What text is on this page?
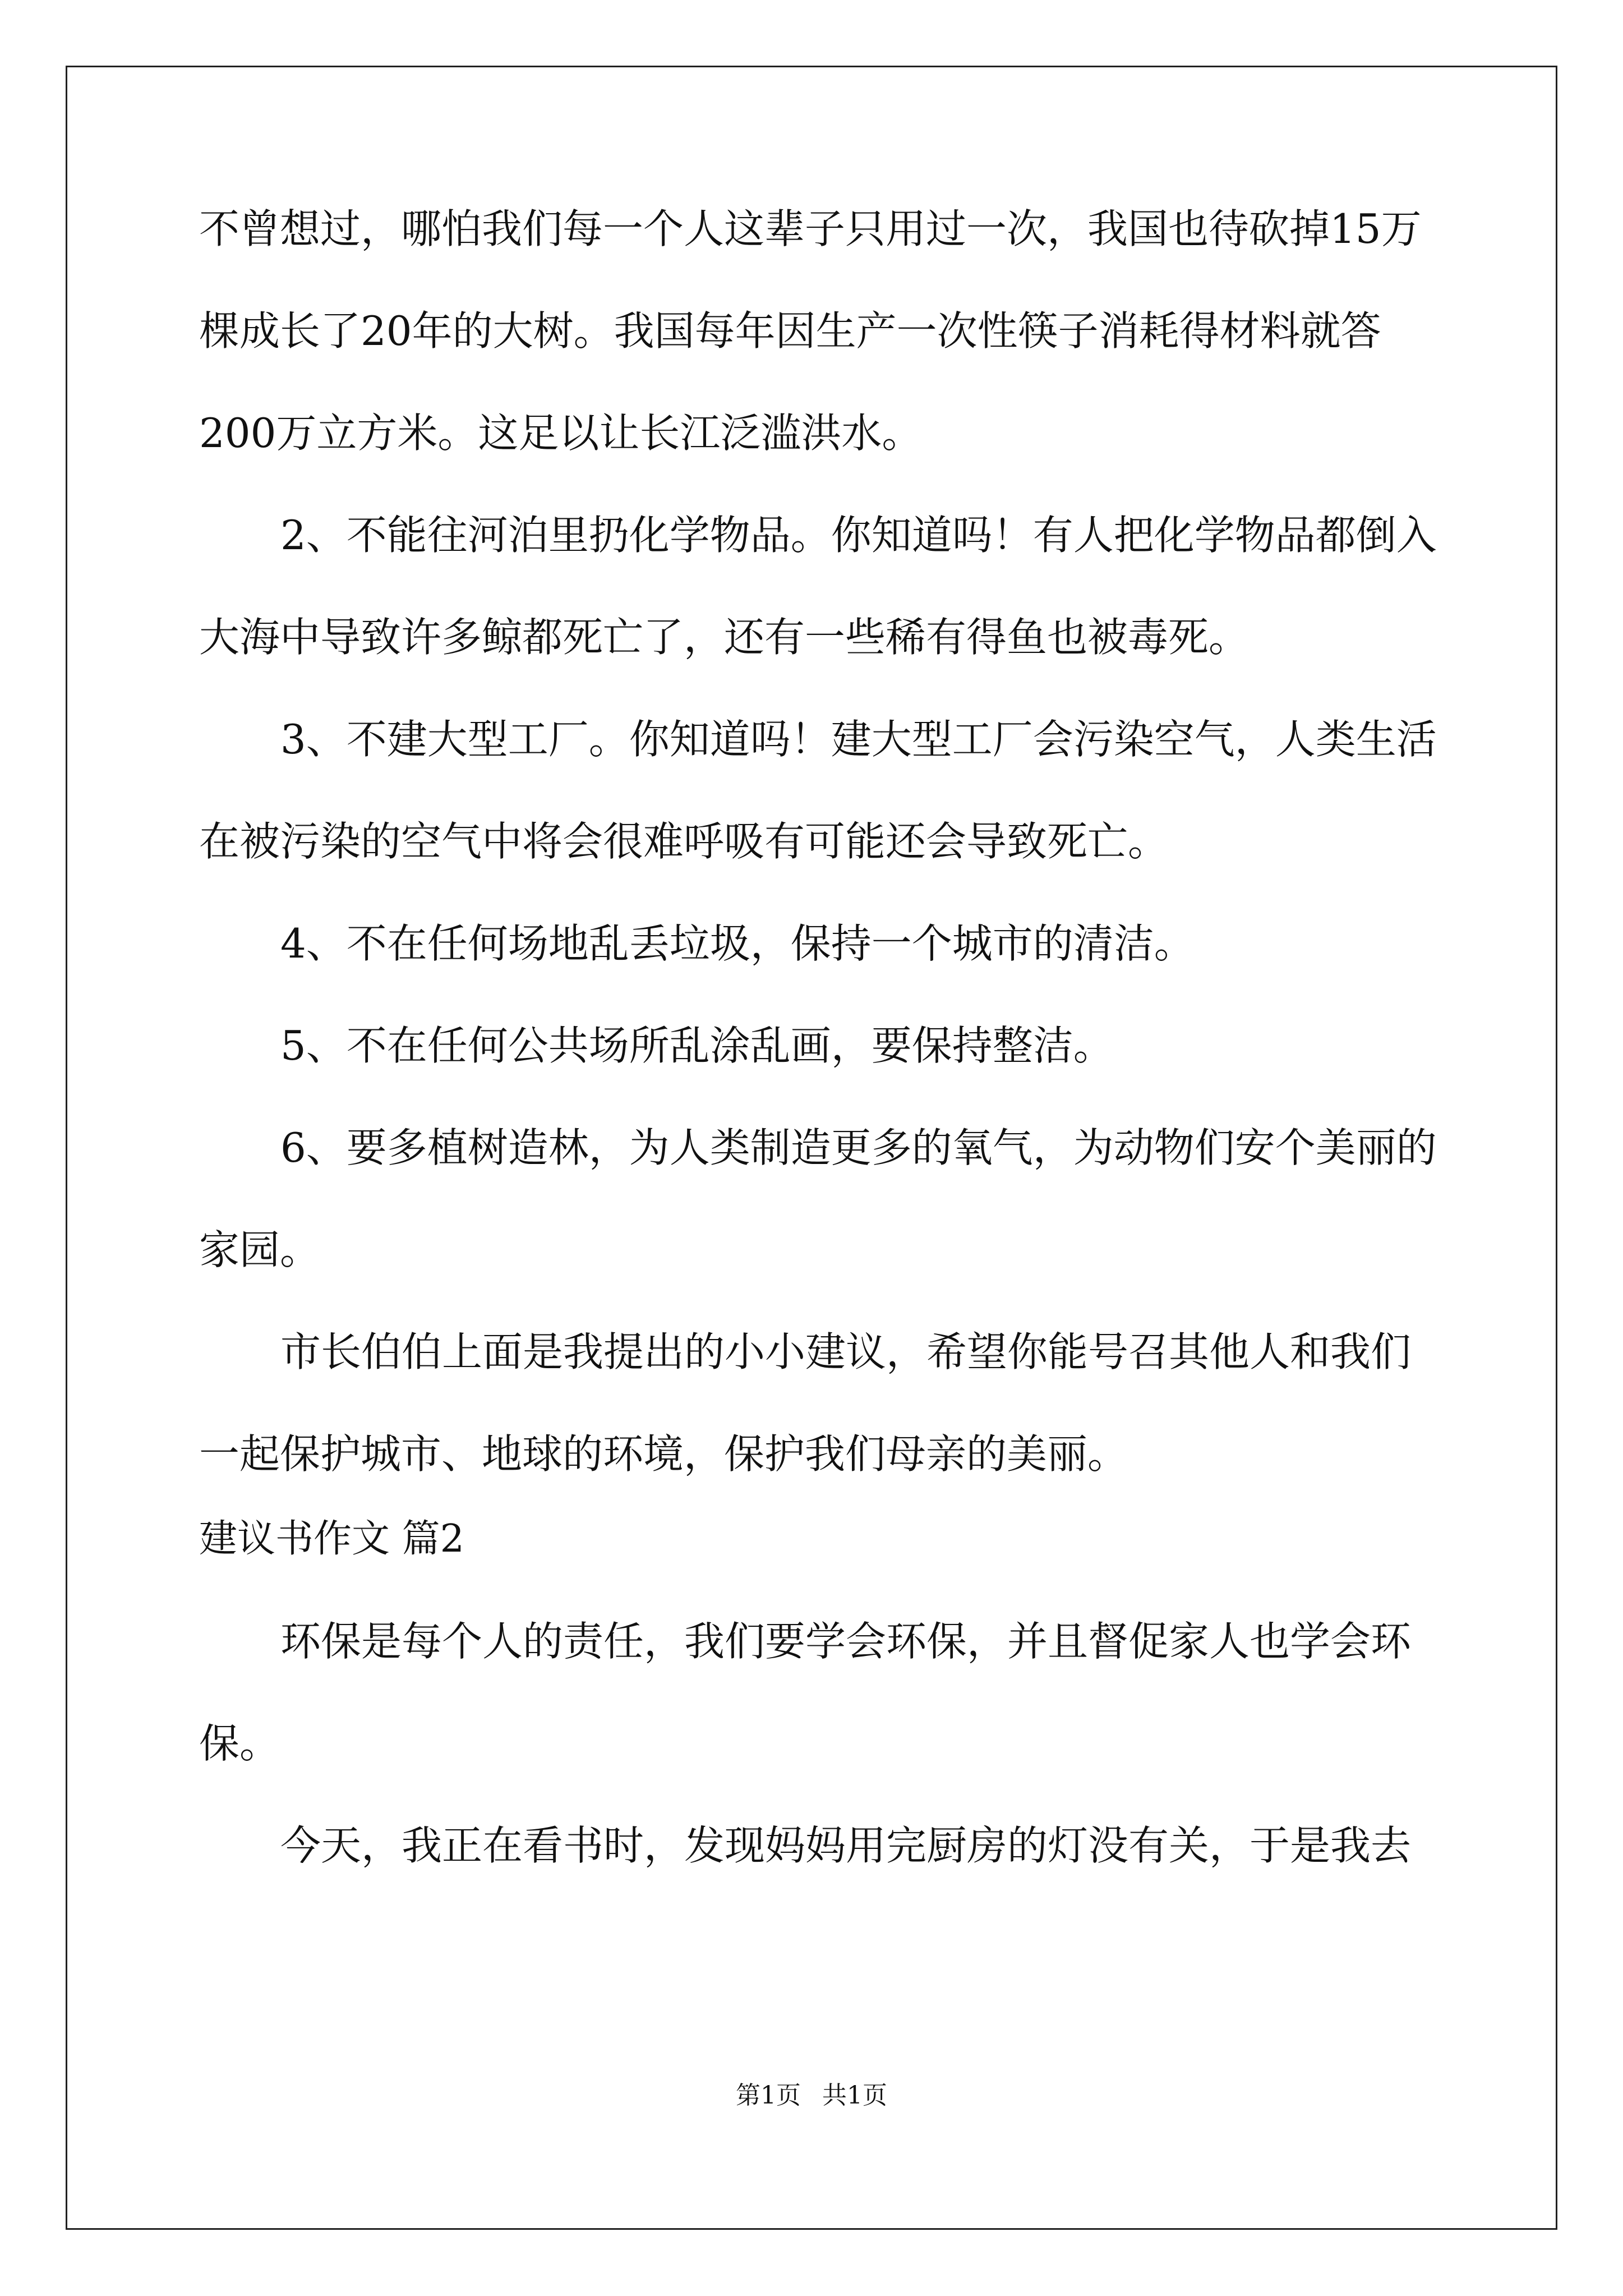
不曾想过，哪怕我们每一个人这辈子只用过一次，我国也待砍掉15万
棵成长了20年的大树。我国每年因生产一次性筷子消耗得材料就答
200万立方米。这足以让长江泛滥洪水。
2、不能往河泊里扔化学物品。你知道吗！有人把化学物品都倒入
大海中导致许多鲸都死亡了，还有一些稀有得鱼也被毒死。
3、不建大型工厂。你知道吗！建大型工厂会污染空气，人类生活
在被污染的空气中将会很难呼吸有可能还会导致死亡。
4、不在任何场地乱丢垃圾，保持一个城市的清洁。
5、不在任何公共场所乱涂乱画，要保持整洁。
6、要多植树造林，为人类制造更多的氧气，为动物们安个美丽的
家园。
市长伯伯上面是我提出的小小建议，希望你能号召其他人和我们
一起保护城市、地球的环境，保护我们母亲的美丽。
建议书作文 篇2
环保是每个人的责任，我们要学会环保，并且督促家人也学会环
保。
今天，我正在看书时，发现妈妈用完厨房的灯没有关，于是我去
第1页 共1页
